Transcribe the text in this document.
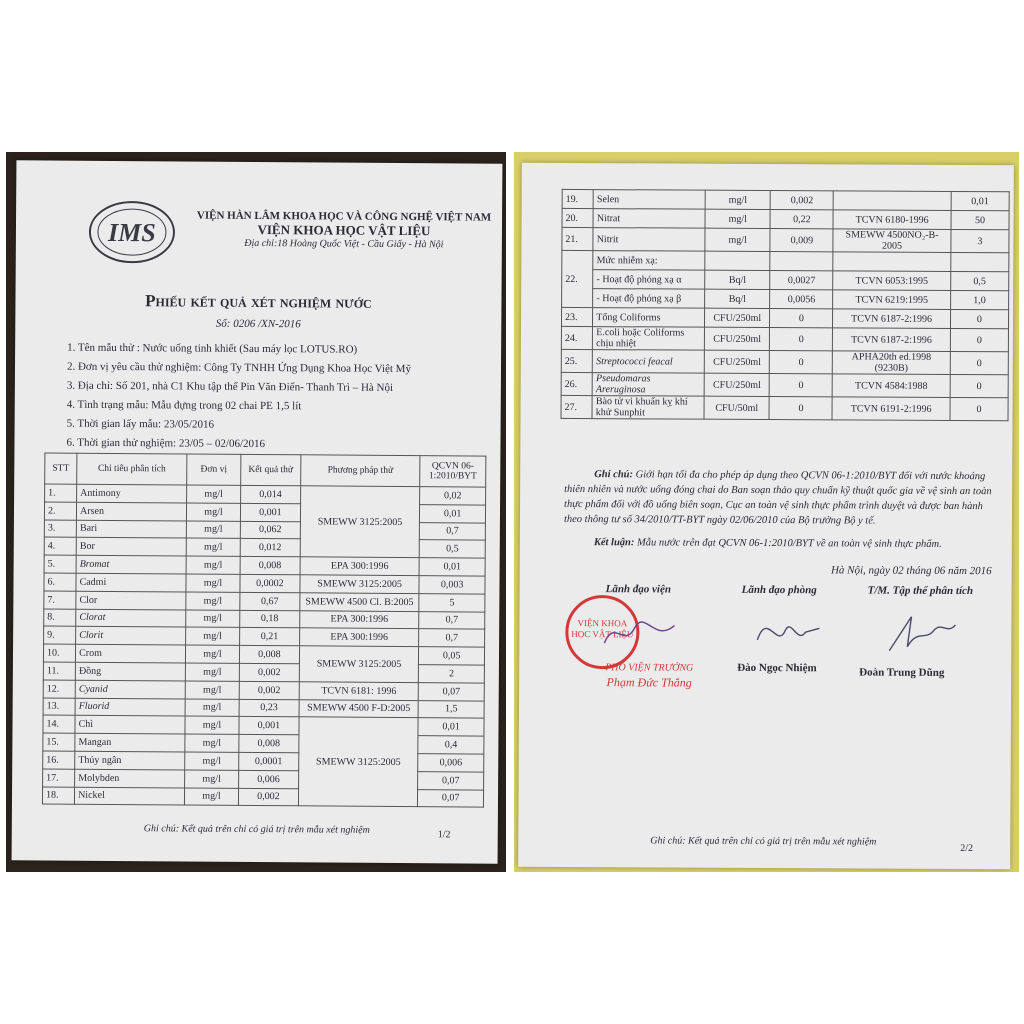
IMS
VIỆN HÀN LÂM KHOA HỌC VÀ CÔNG NGHỆ VIỆT NAM
VIỆN KHOA HỌC VẬT LIỆU
Địa chỉ:18 Hoàng Quốc Việt - Cầu Giấy - Hà Nội
Phiếu kết quả xét nghiệm nước
Số: 0206 /XN-2016
1. Tên mẫu thử : Nước uống tinh khiết (Sau máy lọc LOTUS.RO)
2. Đơn vị yêu cầu thử nghiệm: Công Ty TNHH Ứng Dụng Khoa Học Việt Mỹ
3. Địa chỉ: Số 201, nhà C1 Khu tập thể Pin Văn Điển- Thanh Trì – Hà Nội
4. Tình trạng mẫu: Mẫu đựng trong 02 chai PE 1,5 lít
5. Thời gian lấy mẫu: 23/05/2016
6. Thời gian thử nghiệm: 23/05 – 02/06/2016
STT	Chỉ tiêu phân tích	Đơn vị	Kết quả thử	Phương pháp thử	QCVN 06-1:2010/BYT
1.	Antimony	mg/l	0,014	SMEWW 3125:2005	0,02
2.	Arsen	mg/l	0,001		0,01
3.	Bari	mg/l	0,062		0,7
4.	Bor	mg/l	0,012		0,5
5.	Bromat	mg/l	0,008	EPA 300:1996	0,01
6.	Cadmi	mg/l	0,0002	SMEWW 3125:2005	0,003
7.	Clor	mg/l	0,67	SMEWW 4500 Cl. B:2005	5
8.	Clorat	mg/l	0,18	EPA 300:1996	0,7
9.	Clorit	mg/l	0,21	EPA 300:1996	0,7
10.	Crom	mg/l	0,008	SMEWW 3125:2005	0,05
11.	Đồng	mg/l	0,002		2
12.	Cyanid	mg/l	0,002	TCVN 6181: 1996	0,07
13.	Fluorid	mg/l	0,23	SMEWW 4500 F-D:2005	1,5
14.	Chì	mg/l	0,001	SMEWW 3125:2005	0,01
15.	Mangan	mg/l	0,008		0,4
16.	Thủy ngân	mg/l	0,0001		0,006
17.	Molybden	mg/l	0,006		0,07
18.	Nickel	mg/l	0,002		0,07
Ghi chú: Kết quả trên chỉ có giá trị trên mẫu xét nghiệm	1/2
19.	Selen	mg/l	0,002		0,01
20.	Nitrat	mg/l	0,22	TCVN 6180-1996	50
21.	Nitrit	mg/l	0,009	SMEWW 4500NO₂-B-2005	3
22.	Mức nhiễm xạ:				
	- Hoạt độ phóng xạ α	Bq/l	0,0027	TCVN 6053:1995	0,5
	- Hoạt độ phóng xạ β	Bq/l	0,0056	TCVN 6219:1995	1,0
23.	Tổng Coliforms	CFU/250ml	0	TCVN 6187-2:1996	0
24.	E.coli hoặc Coliforms chịu nhiệt	CFU/250ml	0	TCVN 6187-2:1996	0
25.	Streptococci feacal	CFU/250ml	0	APHA20th ed.1998 (9230B)	0
26.	Pseudomaras Areruginosa	CFU/250ml	0	TCVN 4584:1988	0
27.	Bào tử vi khuẩn kỵ khí khử Sunphit	CFU/50ml	0	TCVN 6191-2:1996	0
Ghi chú: Giới hạn tối đa cho phép áp dụng theo QCVN 06-1:2010/BYT đối với nước khoáng thiên nhiên và nước uống đóng chai do Ban soạn thảo quy chuẩn kỹ thuật quốc gia về vệ sinh an toàn thực phẩm đối với đồ uống biên soạn, Cục an toàn vệ sinh thực phẩm trình duyệt và được ban hành theo thông tư số 34/2010/TT-BYT ngày 02/06/2010 của Bộ trưởng Bộ y tế.
Kết luận: Mẫu nước trên đạt QCVN 06-1:2010/BYT về an toàn vệ sinh thực phẩm.
Hà Nội, ngày 02 tháng 06 năm 2016
Lãnh đạo viện	Lãnh đạo phòng	T/M. Tập thể phân tích
VIỆN KHOA HỌC VẬT LIỆU
PHÓ VIỆN TRƯỞNG
Phạm Đức Thắng
Đào Ngọc Nhiệm	Đoàn Trung Dũng
Ghi chú: Kết quả trên chỉ có giá trị trên mẫu xét nghiệm
2/2
